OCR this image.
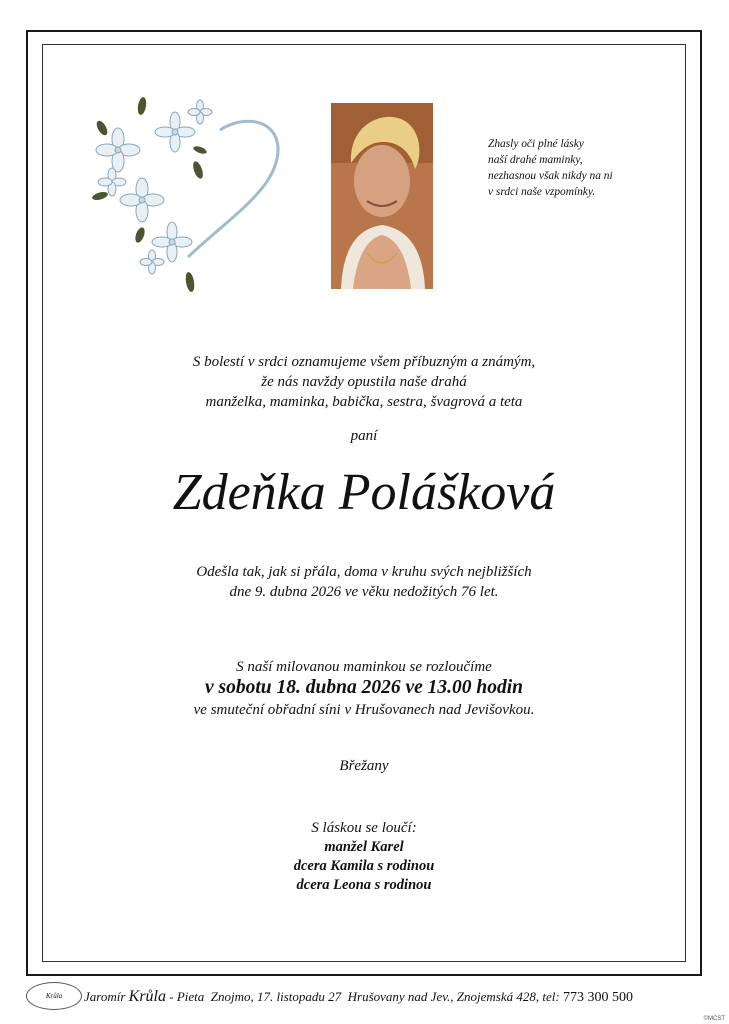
Zhasly oči plné lásky
naší drahé maminky,
nezhasnou však nikdy na ni
v srdci naše vzpomínky.
S bolestí v srdci oznamujeme všem příbuzným a známým,
že nás navždy opustila naše drahá
manželka, maminka, babička, sestra, švagrová a teta
paní
Zdeňka Polášková
Odešla tak, jak si přála, doma v kruhu svých nejbližších
dne 9. dubna 2026 ve věku nedožitých 76 let.
S naší milovanou maminkou se rozloučíme
v sobotu 18. dubna 2026 ve 13.00 hodin
ve smuteční obřadní síni v Hrušovanech nad Jevišovkou.
Břežany
S láskou se loučí:
manžel Karel
dcera Kamila s rodinou
dcera Leona s rodinou
Krůla	Jaromír Krůla - Pieta Znojmo, 17. listopadu 27 Hrušovany nad Jev., Znojemská 428, tel: 773 300 500
©MCST
